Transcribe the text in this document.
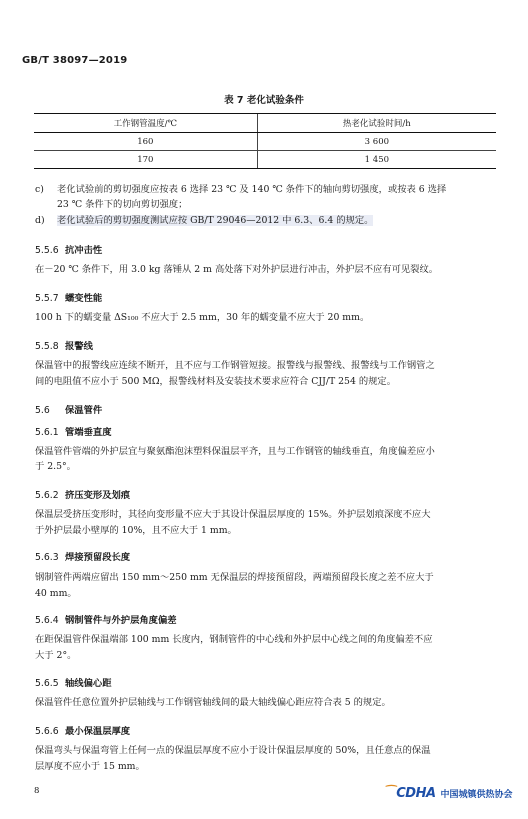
GB/T 38097—2019
表 7 老化试验条件
工作钢管温度/℃	热老化试验时间/h
160	3 600
170	1 450
c) 老化试验前的剪切强度应按表 6 选择 23 ℃ 及 140 ℃ 条件下的轴向剪切强度，或按表 6 选择
23 ℃ 条件下的切向剪切强度；
d) 老化试验后的剪切强度测试应按 GB/T 29046—2012 中 6.3、6.4 的规定。
5.5.6 抗冲击性
在－20 ℃ 条件下，用 3.0 kg 落锤从 2 m 高处落下对外护层进行冲击，外护层不应有可见裂纹。
5.5.7 蠕变性能
100 h 下的蠕变量 ΔS₁₀₀ 不应大于 2.5 mm，30 年的蠕变量不应大于 20 mm。
5.5.8 报警线
保温管中的报警线应连续不断开，且不应与工作钢管短接。报警线与报警线、报警线与工作钢管之
间的电阻值不应小于 500 MΩ，报警线材料及安装技术要求应符合 CJJ/T 254 的规定。
5.6 保温管件
5.6.1 管端垂直度
保温管件管端的外护层宜与聚氨酯泡沫塑料保温层平齐，且与工作钢管的轴线垂直，角度偏差应小
于 2.5°。
5.6.2 挤压变形及划痕
保温层受挤压变形时，其径向变形量不应大于其设计保温层厚度的 15%。外护层划痕深度不应大
于外护层最小壁厚的 10%，且不应大于 1 mm。
5.6.3 焊接预留段长度
钢制管件两端应留出 150 mm～250 mm 无保温层的焊接预留段，两端预留段长度之差不应大于
40 mm。
5.6.4 钢制管件与外护层角度偏差
在距保温管件保温端部 100 mm 长度内，钢制管件的中心线和外护层中心线之间的角度偏差不应
大于 2°。
5.6.5 轴线偏心距
保温管件任意位置外护层轴线与工作钢管轴线间的最大轴线偏心距应符合表 5 的规定。
5.6.6 最小保温层厚度
保温弯头与保温弯管上任何一点的保温层厚度不应小于设计保温层厚度的 50%，且任意点的保温
层厚度不应小于 15 mm。
8	⁀CDHA 中国城镇供热协会
